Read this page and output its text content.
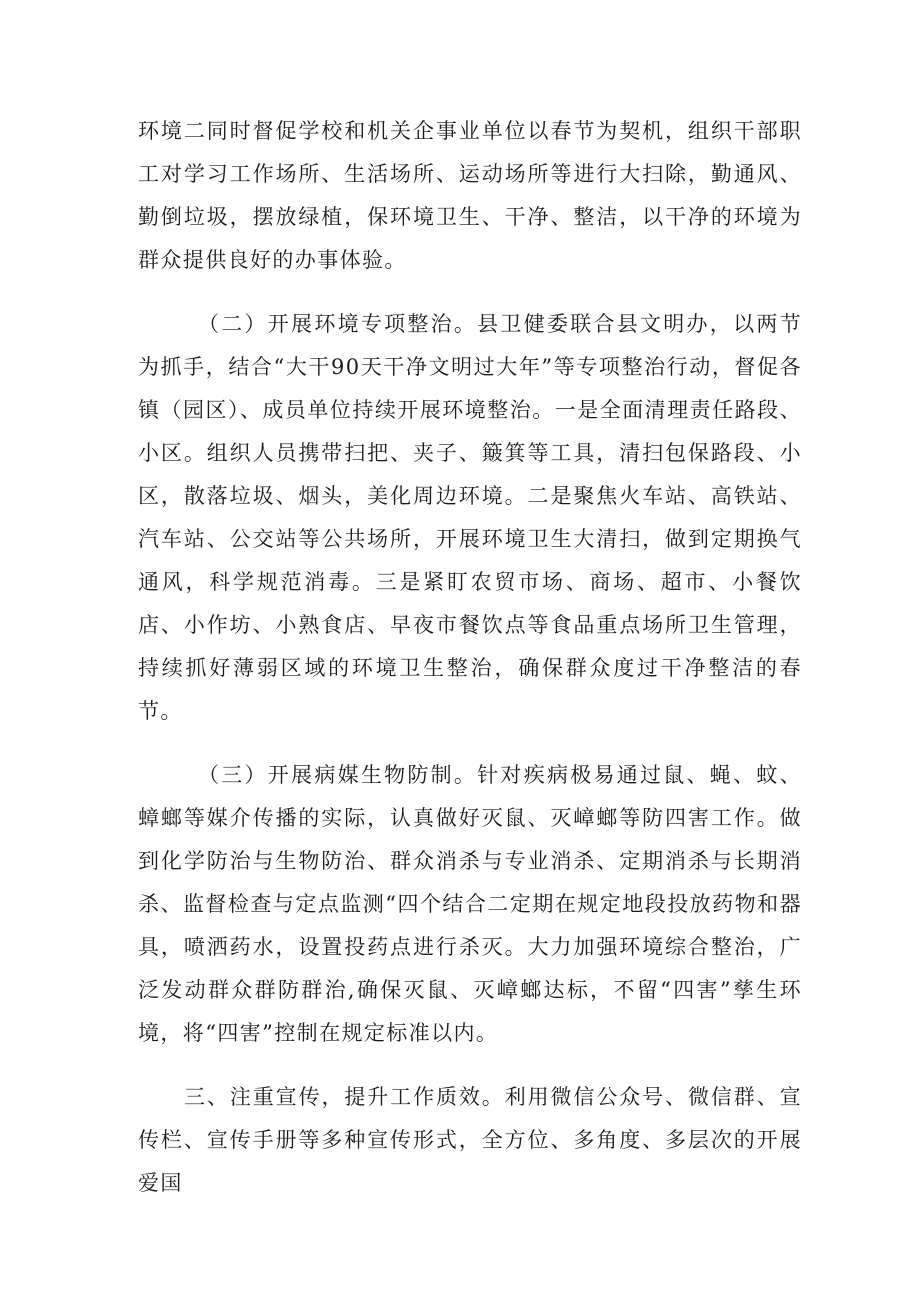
环境二同时督促学校和机关企事业单位以春节为契机，组织干部职工对学习工作场所、生活场所、运动场所等进行大扫除，勤通风、勤倒垃圾，摆放绿植，保环境卫生、干净、整洁，以干净的环境为群众提供良好的办事体验。

（二）开展环境专项整治。县卫健委联合县文明办，以两节为抓手，结合“大干90天干净文明过大年”等专项整治行动，督促各镇（园区）、成员单位持续开展环境整治。一是全面清理责任路段、小区。组织人员携带扫把、夹子、簸箕等工具，清扫包保路段、小区，散落垃圾、烟头，美化周边环境。二是聚焦火车站、高铁站、汽车站、公交站等公共场所，开展环境卫生大清扫，做到定期换气通风，科学规范消毒。三是紧盯农贸市场、商场、超市、小餐饮店、小作坊、小熟食店、早夜市餐饮点等食品重点场所卫生管理，持续抓好薄弱区域的环境卫生整治，确保群众度过干净整洁的春节。

（三）开展病媒生物防制。针对疾病极易通过鼠、蝇、蚊、蟑螂等媒介传播的实际，认真做好灭鼠、灭嶂螂等防四害工作。做到化学防治与生物防治、群众消杀与专业消杀、定期消杀与长期消杀、监督检查与定点监测“四个结合二定期在规定地段投放药物和器具，喷洒药水，设置投药点进行杀灭。大力加强环境综合整治，广泛发动群众群防群治,确保灭鼠、灭嶂螂达标，不留“四害”孳生环境，将“四害”控制在规定标准以内。

三、注重宣传，提升工作质效。利用微信公众号、微信群、宣传栏、宣传手册等多种宣传形式，全方位、多角度、多层次的开展爱国
